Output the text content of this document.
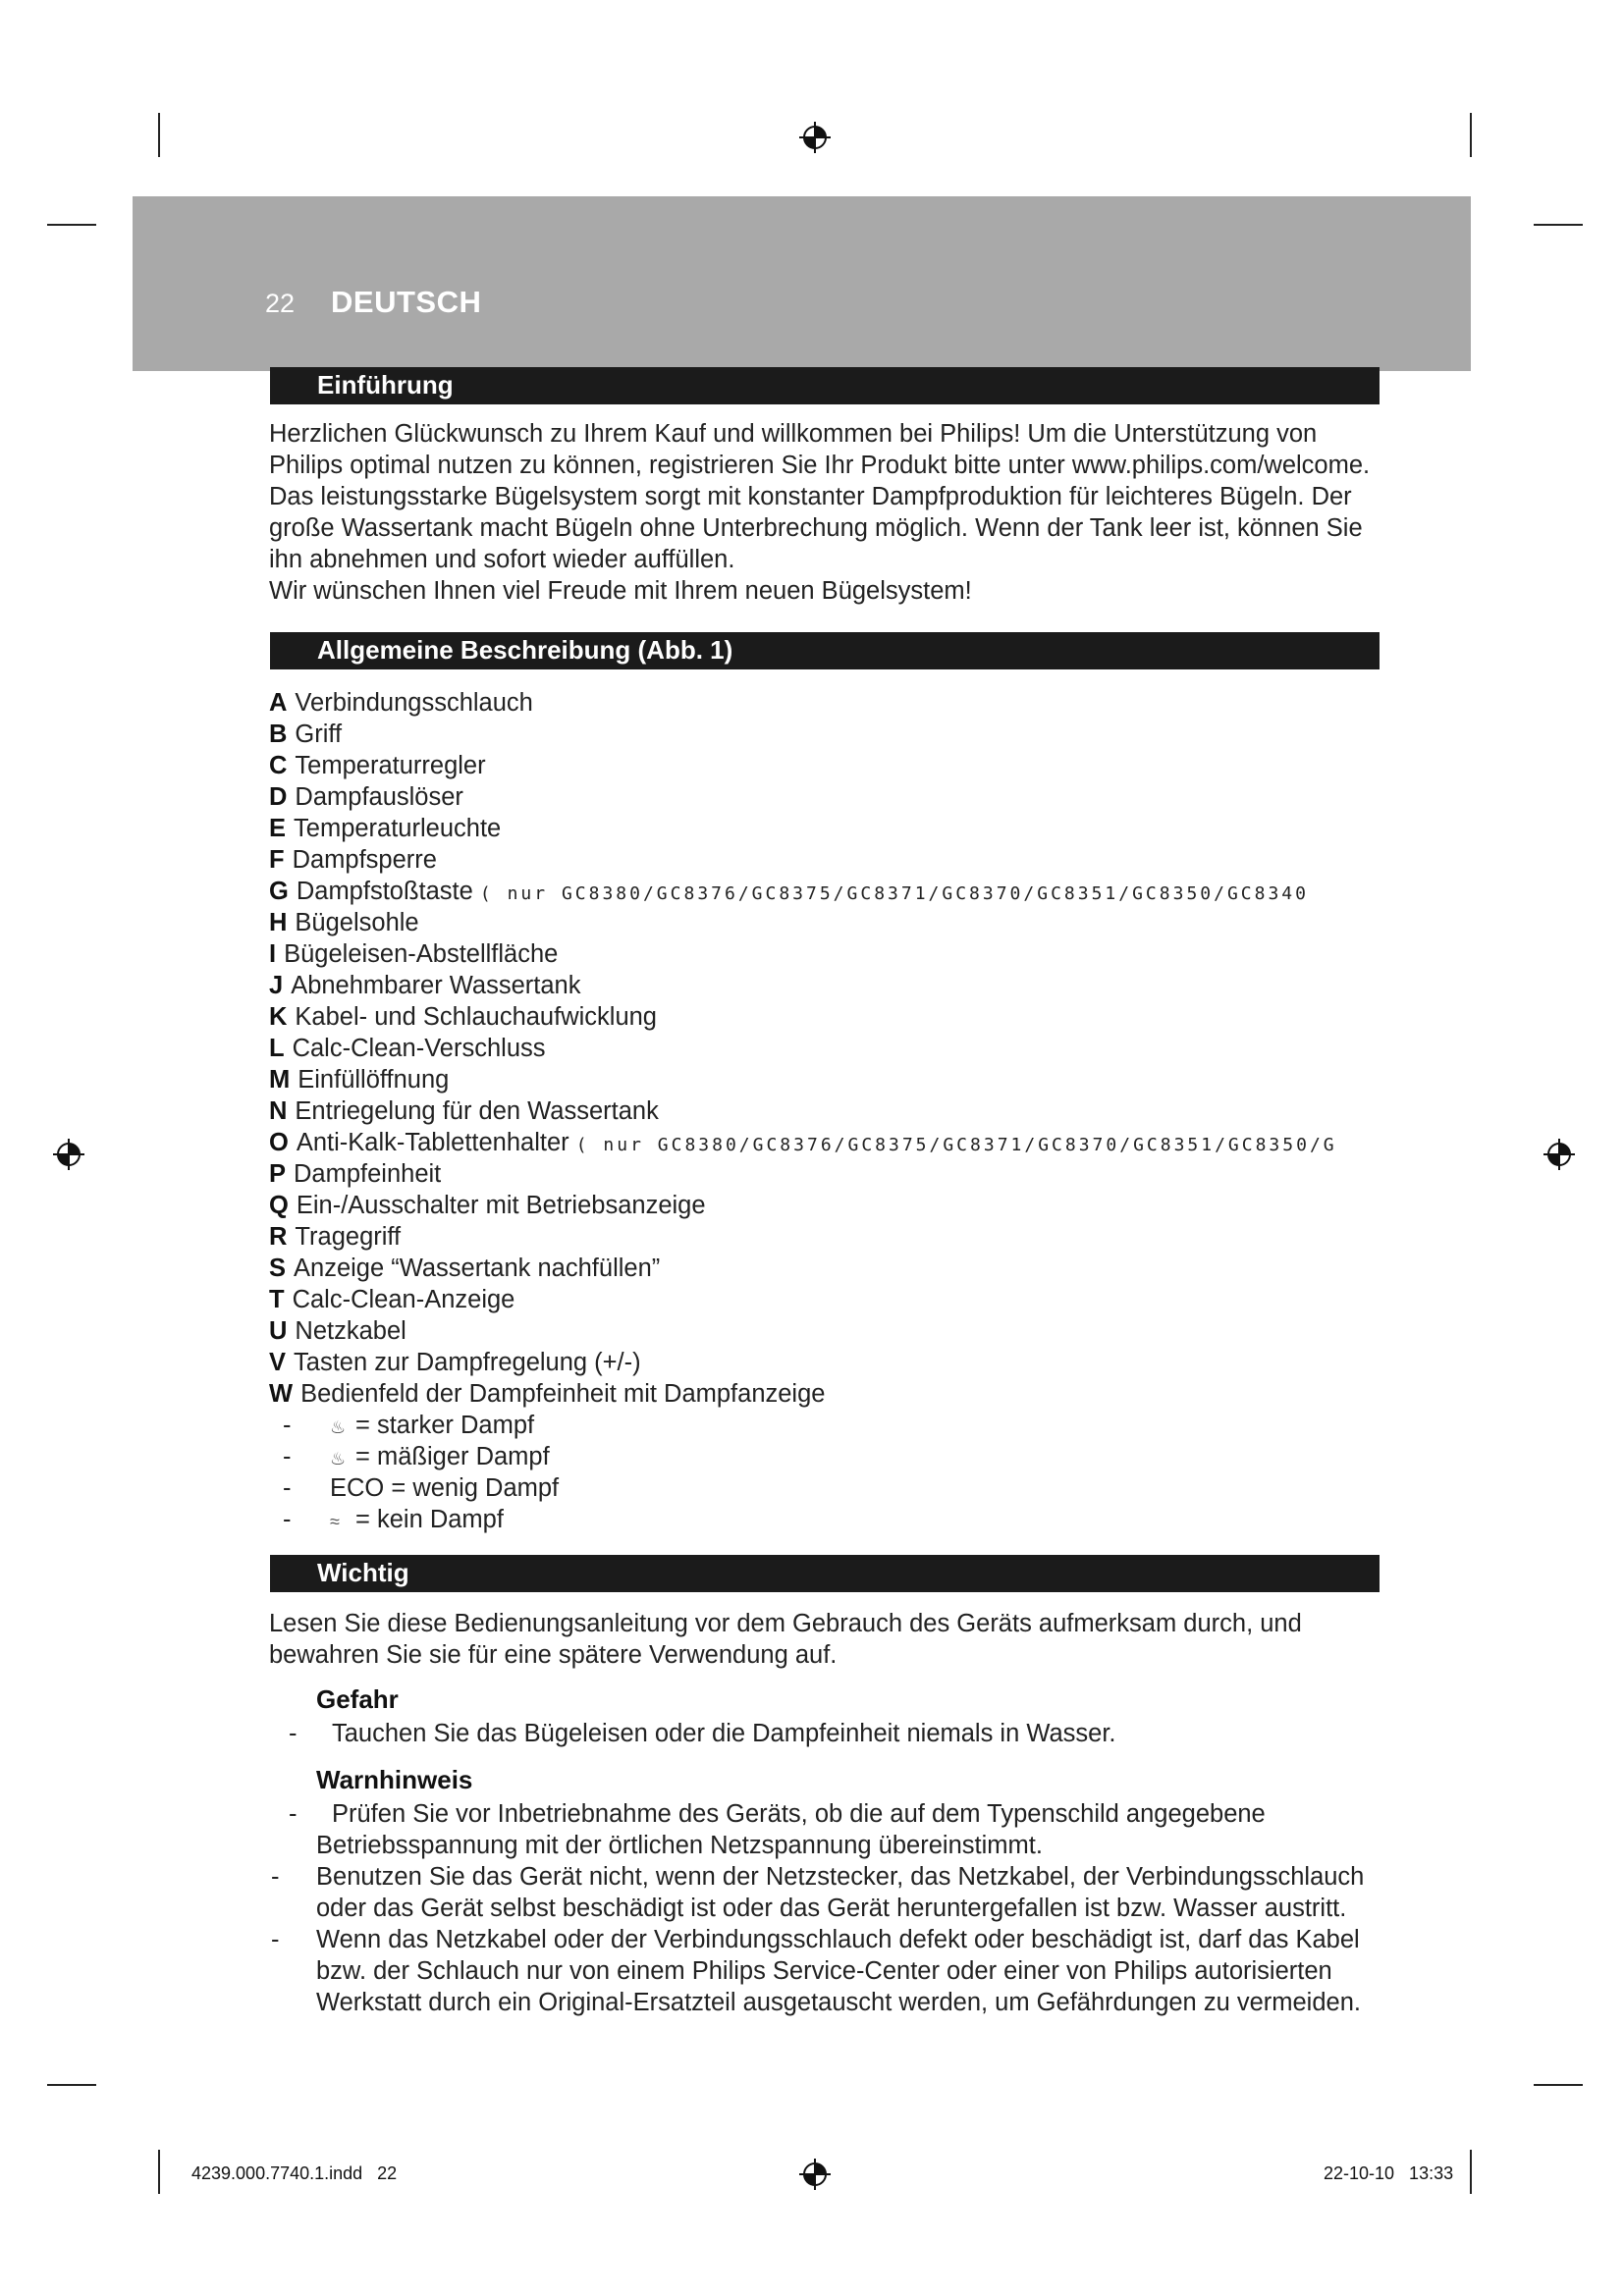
22 DEUTSCH
Einführung
Herzlichen Glückwunsch zu Ihrem Kauf und willkommen bei Philips! Um die Unterstützung von
Philips optimal nutzen zu können, registrieren Sie Ihr Produkt bitte unter www.philips.com/welcome.
Das leistungsstarke Bügelsystem sorgt mit konstanter Dampfproduktion für leichteres Bügeln. Der
große Wassertank macht Bügeln ohne Unterbrechung möglich. Wenn der Tank leer ist, können Sie
ihn abnehmen und sofort wieder auffüllen.
Wir wünschen Ihnen viel Freude mit Ihrem neuen Bügelsystem!
Allgemeine Beschreibung (Abb. 1)
A Verbindungsschlauch
B Griff
C Temperaturregler
D Dampfauslöser
E Temperaturleuchte
F Dampfsperre
G Dampfstoßtaste ( nur GC8380/GC8376/GC8375/GC8371/GC8370/GC8351/GC8350/GC8340
H Bügelsohle
I Bügeleisen-Abstellfläche
J Abnehmbarer Wassertank
K Kabel- und Schlauchaufwicklung
L Calc-Clean-Verschluss
M Einfüllöffnung
N Entriegelung für den Wassertank
O Anti-Kalk-Tablettenhalter ( nur GC8380/GC8376/GC8375/GC8371/GC8370/GC8351/GC8350/G
P Dampfeinheit
Q Ein-/Ausschalter mit Betriebsanzeige
R Tragegriff
S Anzeige “Wassertank nachfüllen”
T Calc-Clean-Anzeige
U Netzkabel
V Tasten zur Dampfregelung (+/-)
W Bedienfeld der Dampfeinheit mit Dampfanzeige
- ♨ = starker Dampf
- ♨ = mäßiger Dampf
- ECO = wenig Dampf
- ≈ = kein Dampf
Wichtig
Lesen Sie diese Bedienungsanleitung vor dem Gebrauch des Geräts aufmerksam durch, und
bewahren Sie sie für eine spätere Verwendung auf.
Gefahr
- Tauchen Sie das Bügeleisen oder die Dampfeinheit niemals in Wasser.
Warnhinweis
-	Prüfen Sie vor Inbetriebnahme des Geräts, ob die auf dem Typenschild angegebene
Betriebsspannung mit der örtlichen Netzspannung übereinstimmt.
- Benutzen Sie das Gerät nicht, wenn der Netzstecker, das Netzkabel, der Verbindungsschlauch
oder das Gerät selbst beschädigt ist oder das Gerät heruntergefallen ist bzw. Wasser austritt.
- Wenn das Netzkabel oder der Verbindungsschlauch defekt oder beschädigt ist, darf das Kabel
bzw. der Schlauch nur von einem Philips Service-Center oder einer von Philips autorisierten
Werkstatt durch ein Original-Ersatzteil ausgetauscht werden, um Gefährdungen zu vermeiden.
4239.000.7740.1.indd   22	22-10-10   13:33
